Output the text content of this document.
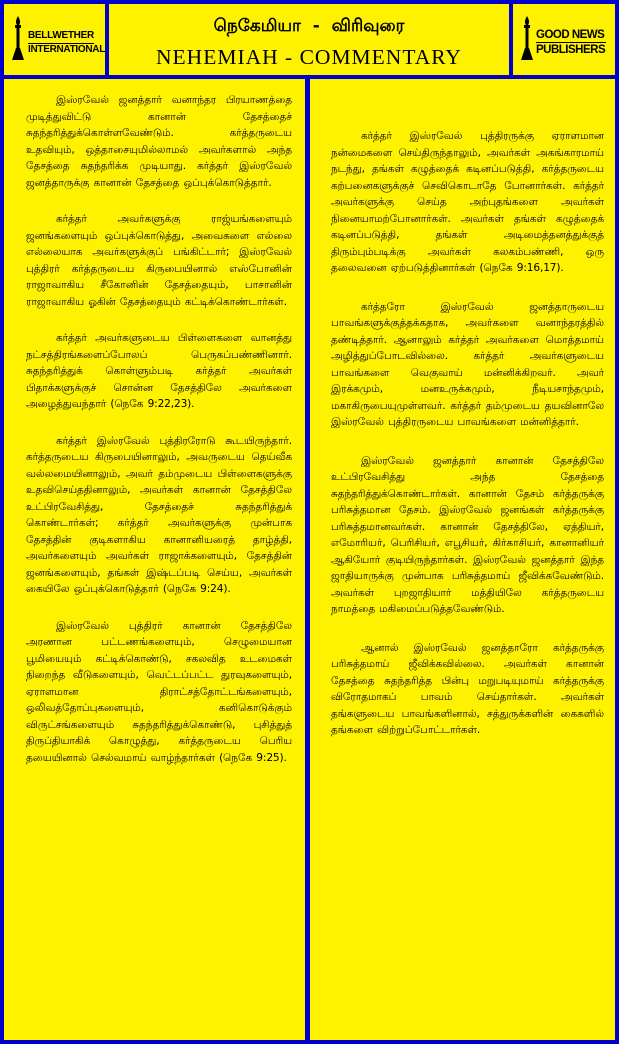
BELLWETHER
INTERNATIONAL
நெகேமியா  -  விரிவுரை
NEHEMIAH - COMMENTARY
GOOD NEWS
PUBLISHERS

இஸ்ரவேல் ஜனத்தார் வனாந்தர பிரயாணத்தை முடித்துவிட்டு கானான் தேசத்தைச் சுதந்தரித்துக்கொள்ளவேண்டும். கர்த்தருடைய உதவியும், ஒத்தாசையுமில்லாமல் அவர்களால் அந்த தேசத்தை சுதந்தரிக்க முடியாது. கர்த்தர் இஸ்ரவேல் ஜனத்தாருக்கு கானான் தேசத்தை ஒப்புக்கொடுத்தார்.

கர்த்தர் அவர்களுக்கு ராஜ்யங்களையும் ஜனங்களையும் ஒப்புக்கொடுத்து, அவைகளை எல்லை எல்லையாக அவர்களுக்குப் பங்கிட்டார்; இஸ்ரவேல் புத்திரர் கர்த்தருடைய கிருபையினால் எஸ்போனின் ராஜாவாகிய சீகோனின் தேசத்தையும், பாசானின் ராஜாவாகிய ஓகின் தேசத்தையும் கட்டிக்கொண்டார்கள்.

கர்த்தர் அவர்களுடைய பிள்ளைகளை வானத்து நட்சத்திரங்களைப்போலப் பெருகப்பண்ணினார். சுதந்தரித்துக் கொள்ளும்படி கர்த்தர் அவர்கள் பிதாக்களுக்குச் சொன்ன தேசத்திலே அவர்களை அழைத்துவந்தார் (நெகே 9:22,23).

கர்த்தர் இஸ்ரவேல் புத்திரரோடு கூடயிருந்தார். கர்த்தருடைய கிருபையினாலும், அவருடைய தெய்வீக வல்லமையினாலும், அவர் தம்முடைய பிள்ளைகளுக்கு உதவிசெய்ததினாலும், அவர்கள் கானான் தேசத்திலே உட்பிரவேசித்து, தேசத்தைச் சுதந்தரித்துக் கொண்டார்கள்; கர்த்தர் அவர்களுக்கு முன்பாக தேசத்தின் குடிகளாகிய கானானியரைத் தாழ்த்தி, அவர்களையும் அவர்கள் ராஜாக்களையும், தேசத்தின் ஜனங்களையும், தங்கள் இஷ்டப்படி செய்ய, அவர்கள் கையிலே ஒப்புக்கொடுத்தார் (நெகே 9:24).

இஸ்ரவேல் புத்திரர் கானான் தேசத்திலே அரணான பட்டணங்களையும், செழுமையான பூமியையும் கட்டிக்கொண்டு, சகலவித உடமைகள் நிறைந்த வீடுகளையும், வெட்டப்பட்ட துரவுகளையும், ஏராளமான திராட்சத்தோட்டங்களையும், ஒலிவத்தோப்புகளையும், கனிகொடுக்கும் விருட்சங்களையும் சுதந்தரித்துக்கொண்டு, புசித்துத் திருப்தியாகிக் கொழுத்து, கர்த்தருடைய பெரிய தயையினால் செல்வமாய் வாழ்ந்தார்கள் (நெகே 9:25).

கர்த்தர் இஸ்ரவேல் புத்திரருக்கு ஏராளமான நன்மைகளை செய்திருந்தாலும், அவர்கள் அகங்காரமாய் நடந்து, தங்கள் கழுத்தைக் கடினப்படுத்தி, கர்த்தருடைய கற்பனைகளுக்குச் செவிகொடாதே போனார்கள். கர்த்தர் அவர்களுக்கு செய்த அற்புதங்களை அவர்கள் நினையாமற்போனார்கள். அவர்கள் தங்கள் கழுத்தைக் கடினப்படுத்தி, தங்கள் அடிமைத்தனத்துக்குத் திரும்பும்படிக்கு அவர்கள் கலகம்பண்ணி, ஒரு தலைவனை ஏற்படுத்தினார்கள் (நெகே 9:16,17).

கர்த்தரோ இஸ்ரவேல் ஜனத்தாருடைய பாவங்களுக்குத்தக்கதாக, அவர்களை வனாந்தரத்தில் தண்டித்தார். ஆனாலும் கர்த்தர் அவர்களை மொத்தமாய் அழித்துப்போடவில்லை. கர்த்தர் அவர்களுடைய பாவங்களை வெகுவாய் மன்னிக்கிறவர். அவர் இரக்கமும், மனஉருக்கமும், நீடியசாந்தமும், மகாகிருபையுமுள்ளவர். கர்த்தர் தம்முடைய தயவினாலே இஸ்ரவேல் புத்திரருடைய பாவங்களை மன்னித்தார்.

இஸ்ரவேல் ஜனத்தார் கானான் தேசத்திலே உட்பிரவேசித்து அந்த தேசத்தை சுதந்தரித்துக்கொண்டார்கள். கானான் தேசம் கர்த்தருக்கு பரிசுத்தமான தேசம். இஸ்ரவேல் ஜனங்கள் கர்த்தருக்கு பரிசுத்தமானவர்கள். கானான் தேசத்திலே, ஏத்தியர், எமோரியர், பெரிசியர், எபூசியர், கிர்காசியர், கானானியர் ஆகியோர் குடியிருந்தார்கள். இஸ்ரவேல் ஜனத்தார் இந்த ஜாதியாருக்கு முன்பாக பரிசுத்தமாய் ஜீவிக்கவேண்டும். அவர்கள் புறஜாதியார் மத்தியிலே கர்த்தருடைய நாமத்தை மகிமைப்படுத்தவேண்டும்.

ஆனால் இஸ்ரவேல் ஜனத்தாரோ கர்த்தருக்கு பரிசுத்தமாய் ஜீவிக்கவில்லை. அவர்கள் கானான் தேசத்தை சுதந்தரித்த பின்பு மறுபடியுமாய் கர்த்தருக்கு விரோதமாகப் பாவம் செய்தார்கள். அவர்கள் தங்களுடைய பாவங்களினால், சத்துருக்களின் கைகளில் தங்களை விற்றுப்போட்டார்கள்.
